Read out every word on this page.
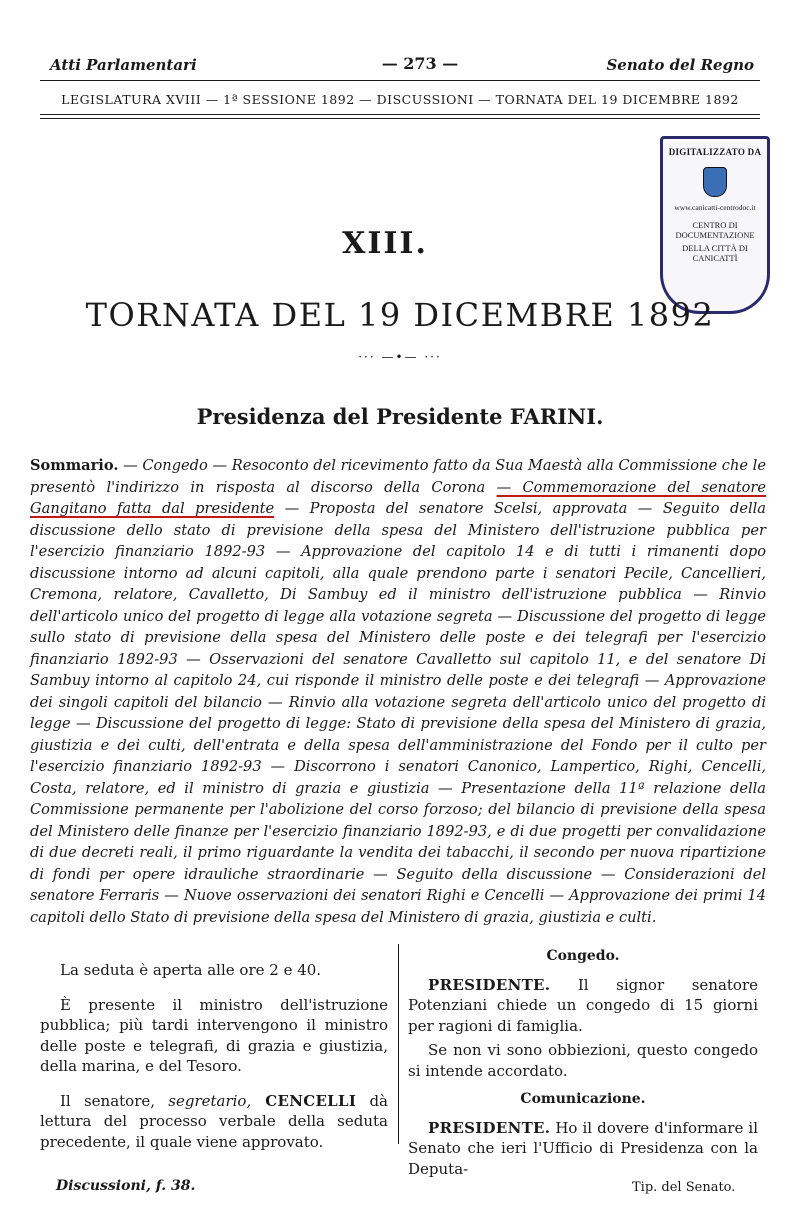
Atti Parlamentari	— 273 —	Senato del Regno
LEGISLATURA XVIII — 1ª SESSIONE 1892 — DISCUSSIONI — TORNATA DEL 19 DICEMBRE 1892
DIGITALIZZATO DA
www.canicatti-centrodoc.it
CENTRO DI DOCUMENTAZIONE
DELLA CITTÀ DI CANICATTÌ
XIII.
TORNATA DEL 19 DICEMBRE 1892
··· —•— ···
Presidenza del Presidente FARINI.
Sommario. — Congedo — Resoconto del ricevimento fatto da Sua Maestà alla Commissione che le presentò l'indirizzo in risposta al discorso della Corona — Commemorazione del senatore Gangitano fatta dal presidente — Proposta del senatore Scelsi, approvata — Seguito della discussione dello stato di previsione della spesa del Ministero dell'istruzione pubblica per l'esercizio finanziario 1892-93 — Approvazione del capitolo 14 e di tutti i rimanenti dopo discussione intorno ad alcuni capitoli, alla quale prendono parte i senatori Pecile, Cancellieri, Cremona, relatore, Cavalletto, Di Sambuy ed il ministro dell'istruzione pubblica — Rinvio dell'articolo unico del progetto di legge alla votazione segreta — Discussione del progetto di legge sullo stato di previsione della spesa del Ministero delle poste e dei telegrafi per l'esercizio finanziario 1892-93 — Osservazioni del senatore Cavalletto sul capitolo 11, e del senatore Di Sambuy intorno al capitolo 24, cui risponde il ministro delle poste e dei telegrafi — Approvazione dei singoli capitoli del bilancio — Rinvio alla votazione segreta dell'articolo unico del progetto di legge — Discussione del progetto di legge: Stato di previsione della spesa del Ministero di grazia, giustizia e dei culti, dell'entrata e della spesa dell'amministrazione del Fondo per il culto per l'esercizio finanziario 1892-93 — Discorrono i senatori Canonico, Lampertico, Righi, Cencelli, Costa, relatore, ed il ministro di grazia e giustizia — Presentazione della 11ª relazione della Commissione permanente per l'abolizione del corso forzoso; del bilancio di previsione della spesa del Ministero delle finanze per l'esercizio finanziario 1892-93, e di due progetti per convalidazione di due decreti reali, il primo riguardante la vendita dei tabacchi, il secondo per nuova ripartizione di fondi per opere idrauliche straordinarie — Seguito della discussione — Considerazioni del senatore Ferraris — Nuove osservazioni dei senatori Righi e Cencelli — Approvazione dei primi 14 capitoli dello Stato di previsione della spesa del Ministero di grazia, giustizia e culti.

La seduta è aperta alle ore 2 e 40.

È presente il ministro dell'istruzione pubblica; più tardi intervengono il ministro delle poste e telegrafi, di grazia e giustizia, della marina, e del Tesoro.

Il senatore, segretario, CENCELLI dà lettura del processo verbale della seduta precedente, il quale viene approvato.

Congedo.

PRESIDENTE. Il signor senatore Potenziani chiede un congedo di 15 giorni per ragioni di famiglia.

Se non vi sono obbiezioni, questo congedo si intende accordato.

Comunicazione.

PRESIDENTE. Ho il dovere d'informare il Senato che ieri l'Ufficio di Presidenza con la Deputa-

Discussioni, f. 38.	Tip. del Senato.
